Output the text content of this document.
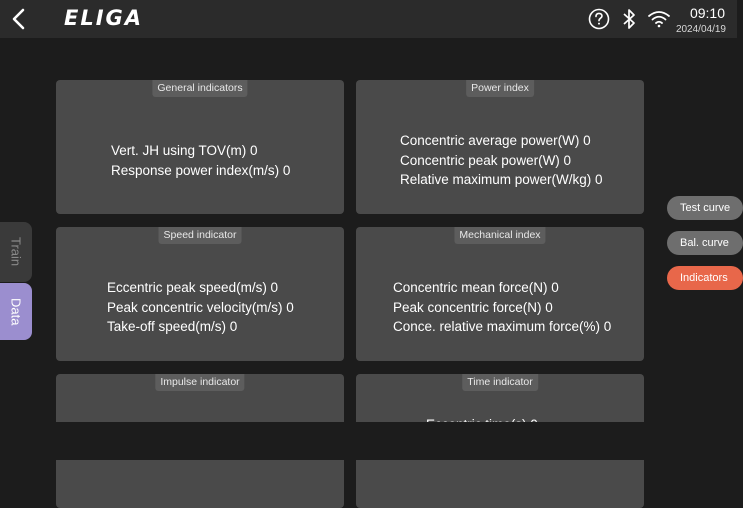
ELIGA	09:10
2024/04/19
General indicators
Vert. JH using TOV(m) 0
Response power index(m/s) 0
Power index
Concentric average power(W) 0
Concentric peak power(W) 0
Relative maximum power(W/kg) 0
Speed indicator
Eccentric peak speed(m/s) 0
Peak concentric velocity(m/s) 0
Take-off speed(m/s) 0
Mechanical index
Concentric mean force(N) 0
Peak concentric force(N) 0
Conce. relative maximum force(%) 0
Impulse indicator	Time indicator
Train
Data
Test curve
Bal. curve
Indicators
